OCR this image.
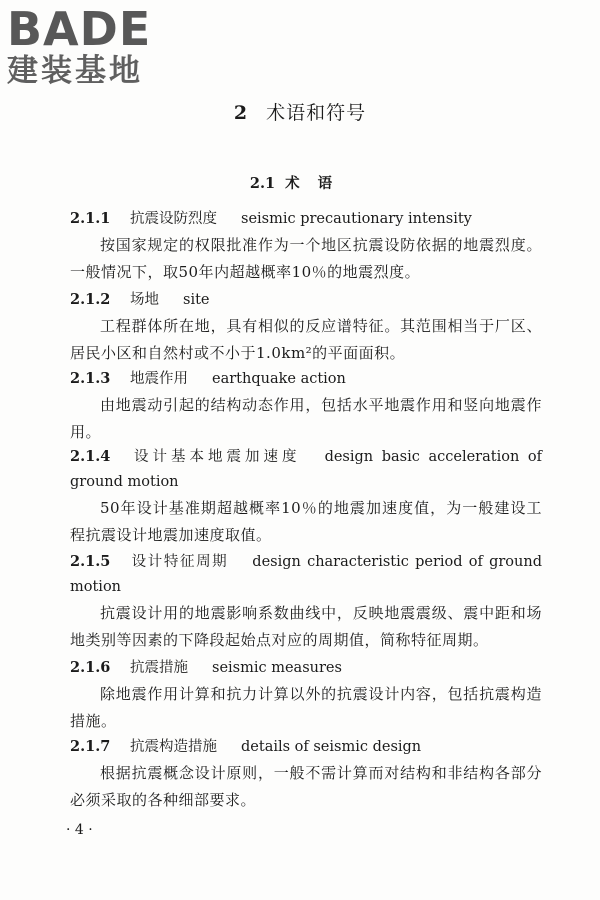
BADE
建装基地
2 术语和符号
2.1 术语
2.1.1 抗震设防烈度 seismic precautionary intensity
按国家规定的权限批准作为一个地区抗震设防依据的地震烈度。一般情况下，取50年内超越概率10％的地震烈度。
2.1.2 场地 site
工程群体所在地，具有相似的反应谱特征。其范围相当于厂区、居民小区和自然村或不小于1.0km²的平面面积。
2.1.3 地震作用 earthquake action
由地震动引起的结构动态作用，包括水平地震作用和竖向地震作用。
2.1.4 设计基本地震加速度 design basic acceleration of ground motion
50年设计基准期超越概率10％的地震加速度值，为一般建设工程抗震设计地震加速度取值。
2.1.5 设计特征周期 design characteristic period of ground motion
抗震设计用的地震影响系数曲线中，反映地震震级、震中距和场地类别等因素的下降段起始点对应的周期值，简称特征周期。
2.1.6 抗震措施 seismic measures
除地震作用计算和抗力计算以外的抗震设计内容，包括抗震构造措施。
2.1.7 抗震构造措施 details of seismic design
根据抗震概念设计原则，一般不需计算而对结构和非结构各部分必须采取的各种细部要求。
· 4 ·
